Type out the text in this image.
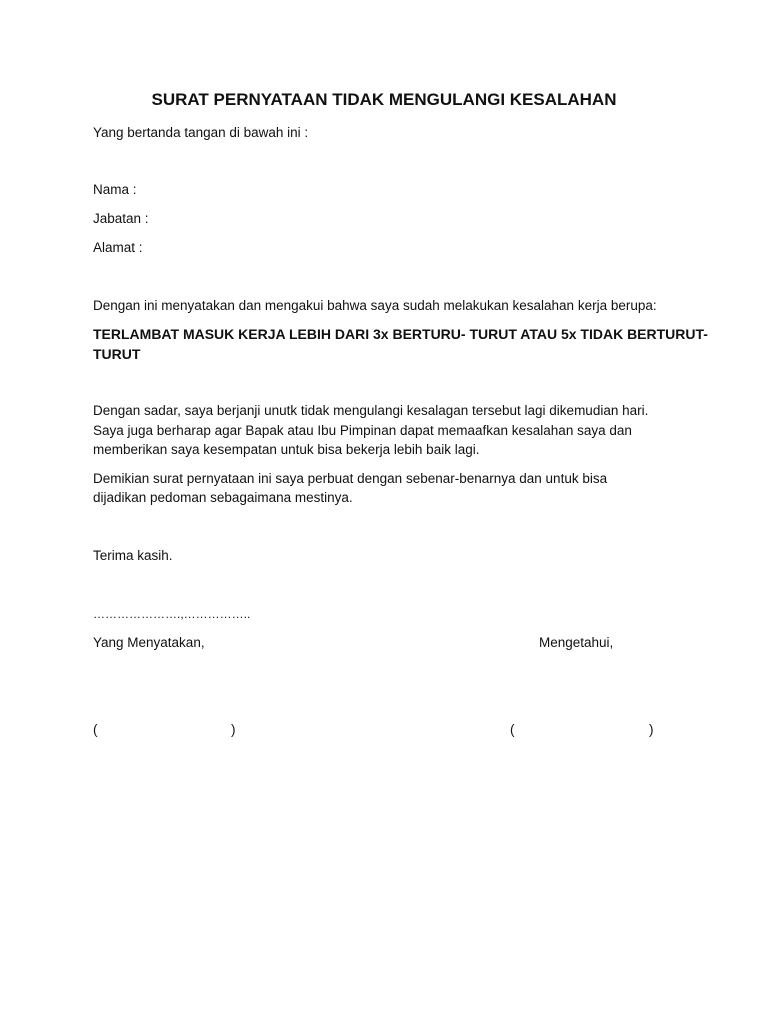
SURAT PERNYATAAN TIDAK MENGULANGI KESALAHAN
Yang bertanda tangan di bawah ini :
Nama :
Jabatan :
Alamat :
Dengan ini menyatakan dan mengakui bahwa saya sudah melakukan kesalahan kerja berupa:
TERLAMBAT MASUK KERJA LEBIH DARI 3x BERTURU- TURUT ATAU 5x TIDAK BERTURUT-
TURUT
Dengan sadar, saya berjanji unutk tidak mengulangi kesalagan tersebut lagi dikemudian hari.
Saya juga berharap agar Bapak atau Ibu Pimpinan dapat memaafkan kesalahan saya dan
memberikan saya kesempatan untuk bisa bekerja lebih baik lagi.
Demikian surat pernyataan ini saya perbuat dengan sebenar-benarnya dan untuk bisa
dijadikan pedoman sebagaimana mestinya.
Terima kasih.
………………….,……………..
Yang Menyatakan,	Mengetahui,
(	)	(	)
